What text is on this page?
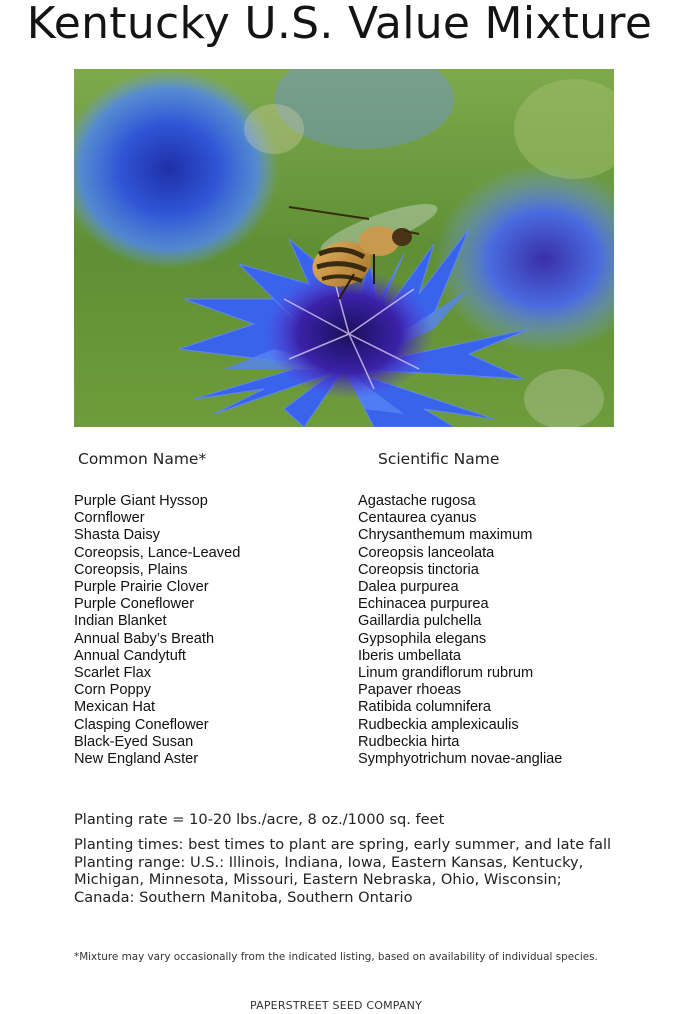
Kentucky U.S. Value Mixture
Common Name*	Scientific Name
Purple Giant Hyssop
Cornflower
Shasta Daisy
Coreopsis, Lance-Leaved
Coreopsis, Plains
Purple Prairie Clover
Purple Coneflower
Indian Blanket
Annual Baby’s Breath
Annual Candytuft
Scarlet Flax
Corn Poppy
Mexican Hat
Clasping Coneflower
Black-Eyed Susan
New England Aster
Agastache rugosa
Centaurea cyanus
Chrysanthemum maximum
Coreopsis lanceolata
Coreopsis tinctoria
Dalea purpurea
Echinacea purpurea
Gaillardia pulchella
Gypsophila elegans
Iberis umbellata
Linum grandiflorum rubrum
Papaver rhoeas
Ratibida columnifera
Rudbeckia amplexicaulis
Rudbeckia hirta
Symphyotrichum novae-angliae
Planting rate = 10-20 lbs./acre, 8 oz./1000 sq. feet
Planting times: best times to plant are spring, early summer, and late fall
Planting range: U.S.: Illinois, Indiana, Iowa, Eastern Kansas, Kentucky,
Michigan, Minnesota, Missouri, Eastern Nebraska, Ohio, Wisconsin;
Canada: Southern Manitoba, Southern Ontario
*Mixture may vary occasionally from the indicated listing, based on availability of individual species.
PAPERSTREET SEED COMPANY
